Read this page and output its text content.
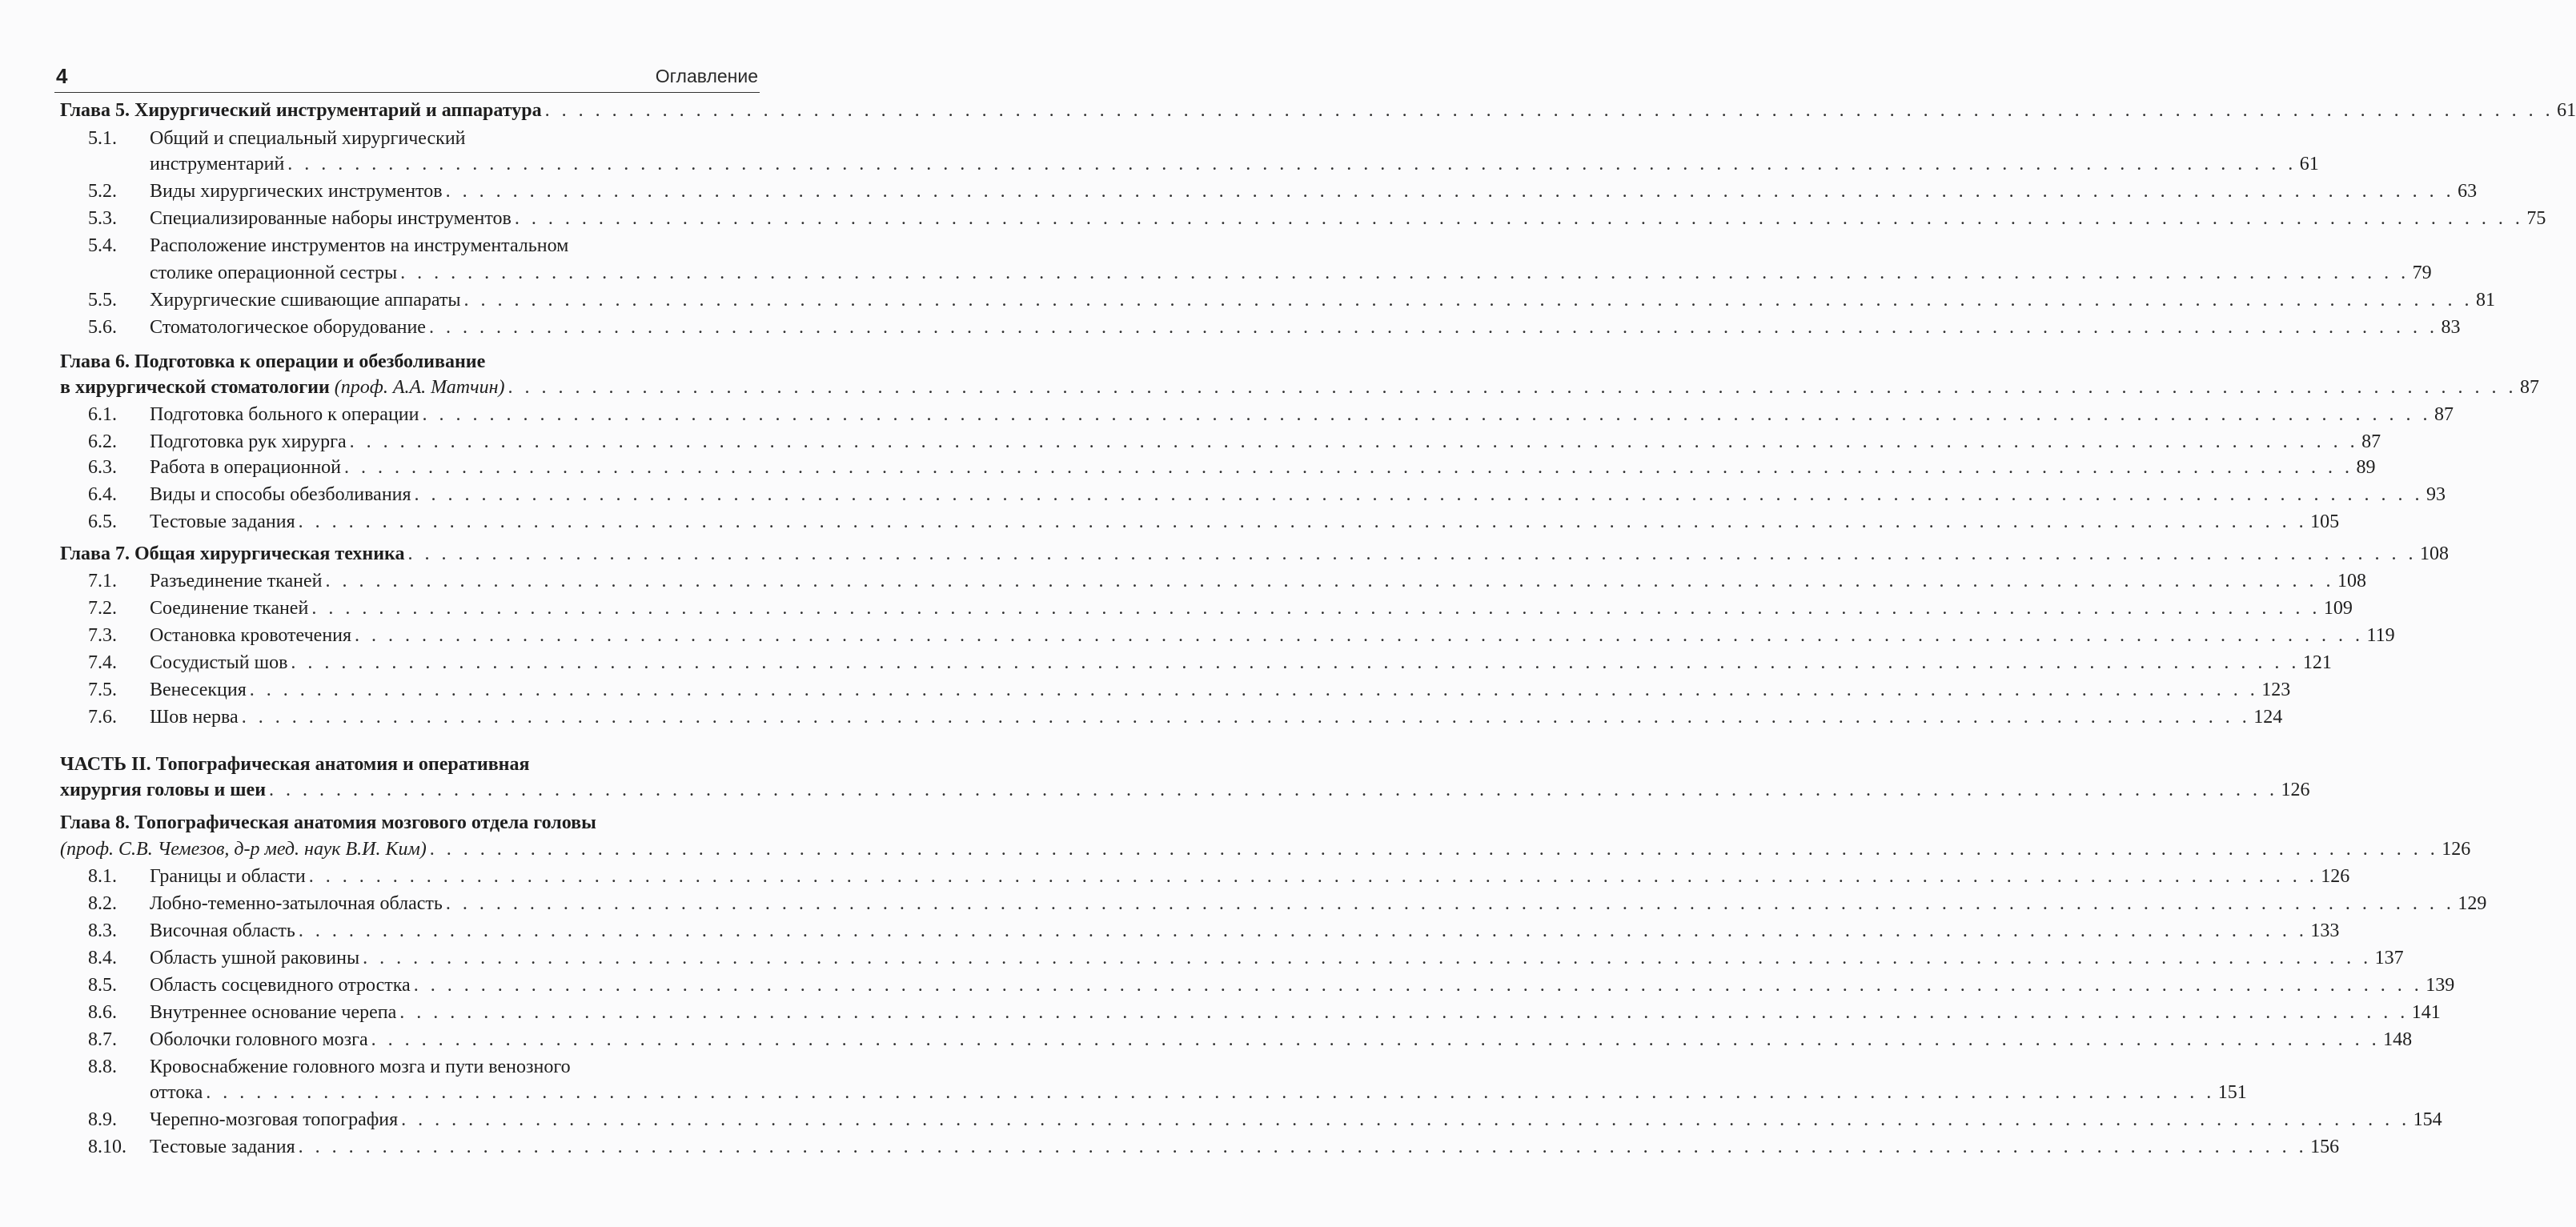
4	Оглавление
Глава 5. Хирургический инструментарий и аппаратура . . . . . . . . . . . . . . . . . . . . . . . . . . . . . . . . . . . . . . . . . . . . . . . . . . . . . . . . . . . . . . . . . . . . . . . . . . . . . . . . . . . . . . . . . . . . . . . . . . . . . . . . . . . . . . . . . . . . . . . . 61
5.1. Общий и специальный хирургический
инструментарий . . . . . . . . . . . . . . . . . . . . . . . . . . . . . . . . . . . . . . . . . . . . . . . . . . . . . . . . . . . . . . . . . . . . . . . . . . . . . . . . . . . . . . . . . . . . . . . . . . . . . . . . . . . . . . . . . . . . . . . . 61
5.2. Виды хирургических инструментов . . . . . . . . . . . . . . . . . . . . . . . . . . . . . . . . . . . . . . . . . . . . . . . . . . . . . . . . . . . . . . . . . . . . . . . . . . . . . . . . . . . . . . . . . . . . . . . . . . . . . . . . . . . . . . . . . . . . . . . . 63
5.3. Специализированные наборы инструментов . . . . . . . . . . . . . . . . . . . . . . . . . . . . . . . . . . . . . . . . . . . . . . . . . . . . . . . . . . . . . . . . . . . . . . . . . . . . . . . . . . . . . . . . . . . . . . . . . . . . . . . . . . . . . . . . . . . . . . . . 75
5.4. Расположение инструментов на инструментальном
столике операционной сестры . . . . . . . . . . . . . . . . . . . . . . . . . . . . . . . . . . . . . . . . . . . . . . . . . . . . . . . . . . . . . . . . . . . . . . . . . . . . . . . . . . . . . . . . . . . . . . . . . . . . . . . . . . . . . . . . . . . . . . . . 79
5.5. Хирургические сшивающие аппараты . . . . . . . . . . . . . . . . . . . . . . . . . . . . . . . . . . . . . . . . . . . . . . . . . . . . . . . . . . . . . . . . . . . . . . . . . . . . . . . . . . . . . . . . . . . . . . . . . . . . . . . . . . . . . . . . . . . . . . . . 81
5.6. Стоматологическое оборудование . . . . . . . . . . . . . . . . . . . . . . . . . . . . . . . . . . . . . . . . . . . . . . . . . . . . . . . . . . . . . . . . . . . . . . . . . . . . . . . . . . . . . . . . . . . . . . . . . . . . . . . . . . . . . . . . . . . . . . . . 83
Глава 6. Подготовка к операции и обезболивание
в хирургической стоматологии (проф. А.А. Матчин) . . . . . . . . . . . . . . . . . . . . . . . . . . . . . . . . . . . . . . . . . . . . . . . . . . . . . . . . . . . . . . . . . . . . . . . . . . . . . . . . . . . . . . . . . . . . . . . . . . . . . . . . . . . . . . . . . . . . . . . . 87
6.1. Подготовка больного к операции . . . . . . . . . . . . . . . . . . . . . . . . . . . . . . . . . . . . . . . . . . . . . . . . . . . . . . . . . . . . . . . . . . . . . . . . . . . . . . . . . . . . . . . . . . . . . . . . . . . . . . . . . . . . . . . . . . . . . . . . 87
6.2. Подготовка рук хирурга . . . . . . . . . . . . . . . . . . . . . . . . . . . . . . . . . . . . . . . . . . . . . . . . . . . . . . . . . . . . . . . . . . . . . . . . . . . . . . . . . . . . . . . . . . . . . . . . . . . . . . . . . . . . . . . . . . . . . . . . 87
6.3. Работа в операционной . . . . . . . . . . . . . . . . . . . . . . . . . . . . . . . . . . . . . . . . . . . . . . . . . . . . . . . . . . . . . . . . . . . . . . . . . . . . . . . . . . . . . . . . . . . . . . . . . . . . . . . . . . . . . . . . . . . . . . . . 89
6.4. Виды и способы обезболивания . . . . . . . . . . . . . . . . . . . . . . . . . . . . . . . . . . . . . . . . . . . . . . . . . . . . . . . . . . . . . . . . . . . . . . . . . . . . . . . . . . . . . . . . . . . . . . . . . . . . . . . . . . . . . . . . . . . . . . . . 93
6.5. Тестовые задания . . . . . . . . . . . . . . . . . . . . . . . . . . . . . . . . . . . . . . . . . . . . . . . . . . . . . . . . . . . . . . . . . . . . . . . . . . . . . . . . . . . . . . . . . . . . . . . . . . . . . . . . . . . . . . . . . . . . . . . . 105
Глава 7. Общая хирургическая техника . . . . . . . . . . . . . . . . . . . . . . . . . . . . . . . . . . . . . . . . . . . . . . . . . . . . . . . . . . . . . . . . . . . . . . . . . . . . . . . . . . . . . . . . . . . . . . . . . . . . . . . . . . . . . . . . . . . . . . . . 108
7.1. Разъединение тканей . . . . . . . . . . . . . . . . . . . . . . . . . . . . . . . . . . . . . . . . . . . . . . . . . . . . . . . . . . . . . . . . . . . . . . . . . . . . . . . . . . . . . . . . . . . . . . . . . . . . . . . . . . . . . . . . . . . . . . . . 108
7.2. Соединение тканей . . . . . . . . . . . . . . . . . . . . . . . . . . . . . . . . . . . . . . . . . . . . . . . . . . . . . . . . . . . . . . . . . . . . . . . . . . . . . . . . . . . . . . . . . . . . . . . . . . . . . . . . . . . . . . . . . . . . . . . . 109
7.3. Остановка кровотечения . . . . . . . . . . . . . . . . . . . . . . . . . . . . . . . . . . . . . . . . . . . . . . . . . . . . . . . . . . . . . . . . . . . . . . . . . . . . . . . . . . . . . . . . . . . . . . . . . . . . . . . . . . . . . . . . . . . . . . . . 119
7.4. Сосудистый шов . . . . . . . . . . . . . . . . . . . . . . . . . . . . . . . . . . . . . . . . . . . . . . . . . . . . . . . . . . . . . . . . . . . . . . . . . . . . . . . . . . . . . . . . . . . . . . . . . . . . . . . . . . . . . . . . . . . . . . . . 121
7.5. Венесекция . . . . . . . . . . . . . . . . . . . . . . . . . . . . . . . . . . . . . . . . . . . . . . . . . . . . . . . . . . . . . . . . . . . . . . . . . . . . . . . . . . . . . . . . . . . . . . . . . . . . . . . . . . . . . . . . . . . . . . . . 123
7.6. Шов нерва . . . . . . . . . . . . . . . . . . . . . . . . . . . . . . . . . . . . . . . . . . . . . . . . . . . . . . . . . . . . . . . . . . . . . . . . . . . . . . . . . . . . . . . . . . . . . . . . . . . . . . . . . . . . . . . . . . . . . . . . 124
ЧАСТЬ II. Топографическая анатомия и оперативная
хирургия головы и шеи . . . . . . . . . . . . . . . . . . . . . . . . . . . . . . . . . . . . . . . . . . . . . . . . . . . . . . . . . . . . . . . . . . . . . . . . . . . . . . . . . . . . . . . . . . . . . . . . . . . . . . . . . . . . . . . . . . . . . . . . 126
Глава 8. Топографическая анатомия мозгового отдела головы
(проф. С.В. Чемезов, д-р мед. наук В.И. Ким) . . . . . . . . . . . . . . . . . . . . . . . . . . . . . . . . . . . . . . . . . . . . . . . . . . . . . . . . . . . . . . . . . . . . . . . . . . . . . . . . . . . . . . . . . . . . . . . . . . . . . . . . . . . . . . . . . . . . . . . . 126
8.1. Границы и области . . . . . . . . . . . . . . . . . . . . . . . . . . . . . . . . . . . . . . . . . . . . . . . . . . . . . . . . . . . . . . . . . . . . . . . . . . . . . . . . . . . . . . . . . . . . . . . . . . . . . . . . . . . . . . . . . . . . . . . . 126
8.2. Лобно-теменно-затылочная область . . . . . . . . . . . . . . . . . . . . . . . . . . . . . . . . . . . . . . . . . . . . . . . . . . . . . . . . . . . . . . . . . . . . . . . . . . . . . . . . . . . . . . . . . . . . . . . . . . . . . . . . . . . . . . . . . . . . . . . . 129
8.3. Височная область . . . . . . . . . . . . . . . . . . . . . . . . . . . . . . . . . . . . . . . . . . . . . . . . . . . . . . . . . . . . . . . . . . . . . . . . . . . . . . . . . . . . . . . . . . . . . . . . . . . . . . . . . . . . . . . . . . . . . . . . 133
8.4. Область ушной раковины . . . . . . . . . . . . . . . . . . . . . . . . . . . . . . . . . . . . . . . . . . . . . . . . . . . . . . . . . . . . . . . . . . . . . . . . . . . . . . . . . . . . . . . . . . . . . . . . . . . . . . . . . . . . . . . . . . . . . . . . 137
8.5. Область сосцевидного отростка . . . . . . . . . . . . . . . . . . . . . . . . . . . . . . . . . . . . . . . . . . . . . . . . . . . . . . . . . . . . . . . . . . . . . . . . . . . . . . . . . . . . . . . . . . . . . . . . . . . . . . . . . . . . . . . . . . . . . . . . 139
8.6. Внутреннее основание черепа . . . . . . . . . . . . . . . . . . . . . . . . . . . . . . . . . . . . . . . . . . . . . . . . . . . . . . . . . . . . . . . . . . . . . . . . . . . . . . . . . . . . . . . . . . . . . . . . . . . . . . . . . . . . . . . . . . . . . . . . 141
8.7. Оболочки головного мозга . . . . . . . . . . . . . . . . . . . . . . . . . . . . . . . . . . . . . . . . . . . . . . . . . . . . . . . . . . . . . . . . . . . . . . . . . . . . . . . . . . . . . . . . . . . . . . . . . . . . . . . . . . . . . . . . . . . . . . . . 148
8.8. Кровоснабжение головного мозга и пути венозного
оттока . . . . . . . . . . . . . . . . . . . . . . . . . . . . . . . . . . . . . . . . . . . . . . . . . . . . . . . . . . . . . . . . . . . . . . . . . . . . . . . . . . . . . . . . . . . . . . . . . . . . . . . . . . . . . . . . . . . . . . . . 151
8.9. Черепно-мозговая топография . . . . . . . . . . . . . . . . . . . . . . . . . . . . . . . . . . . . . . . . . . . . . . . . . . . . . . . . . . . . . . . . . . . . . . . . . . . . . . . . . . . . . . . . . . . . . . . . . . . . . . . . . . . . . . . . . . . . . . . . 154
8.10. Тестовые задания . . . . . . . . . . . . . . . . . . . . . . . . . . . . . . . . . . . . . . . . . . . . . . . . . . . . . . . . . . . . . . . . . . . . . . . . . . . . . . . . . . . . . . . . . . . . . . . . . . . . . . . . . . . . . . . . . . . . . . . . 156
